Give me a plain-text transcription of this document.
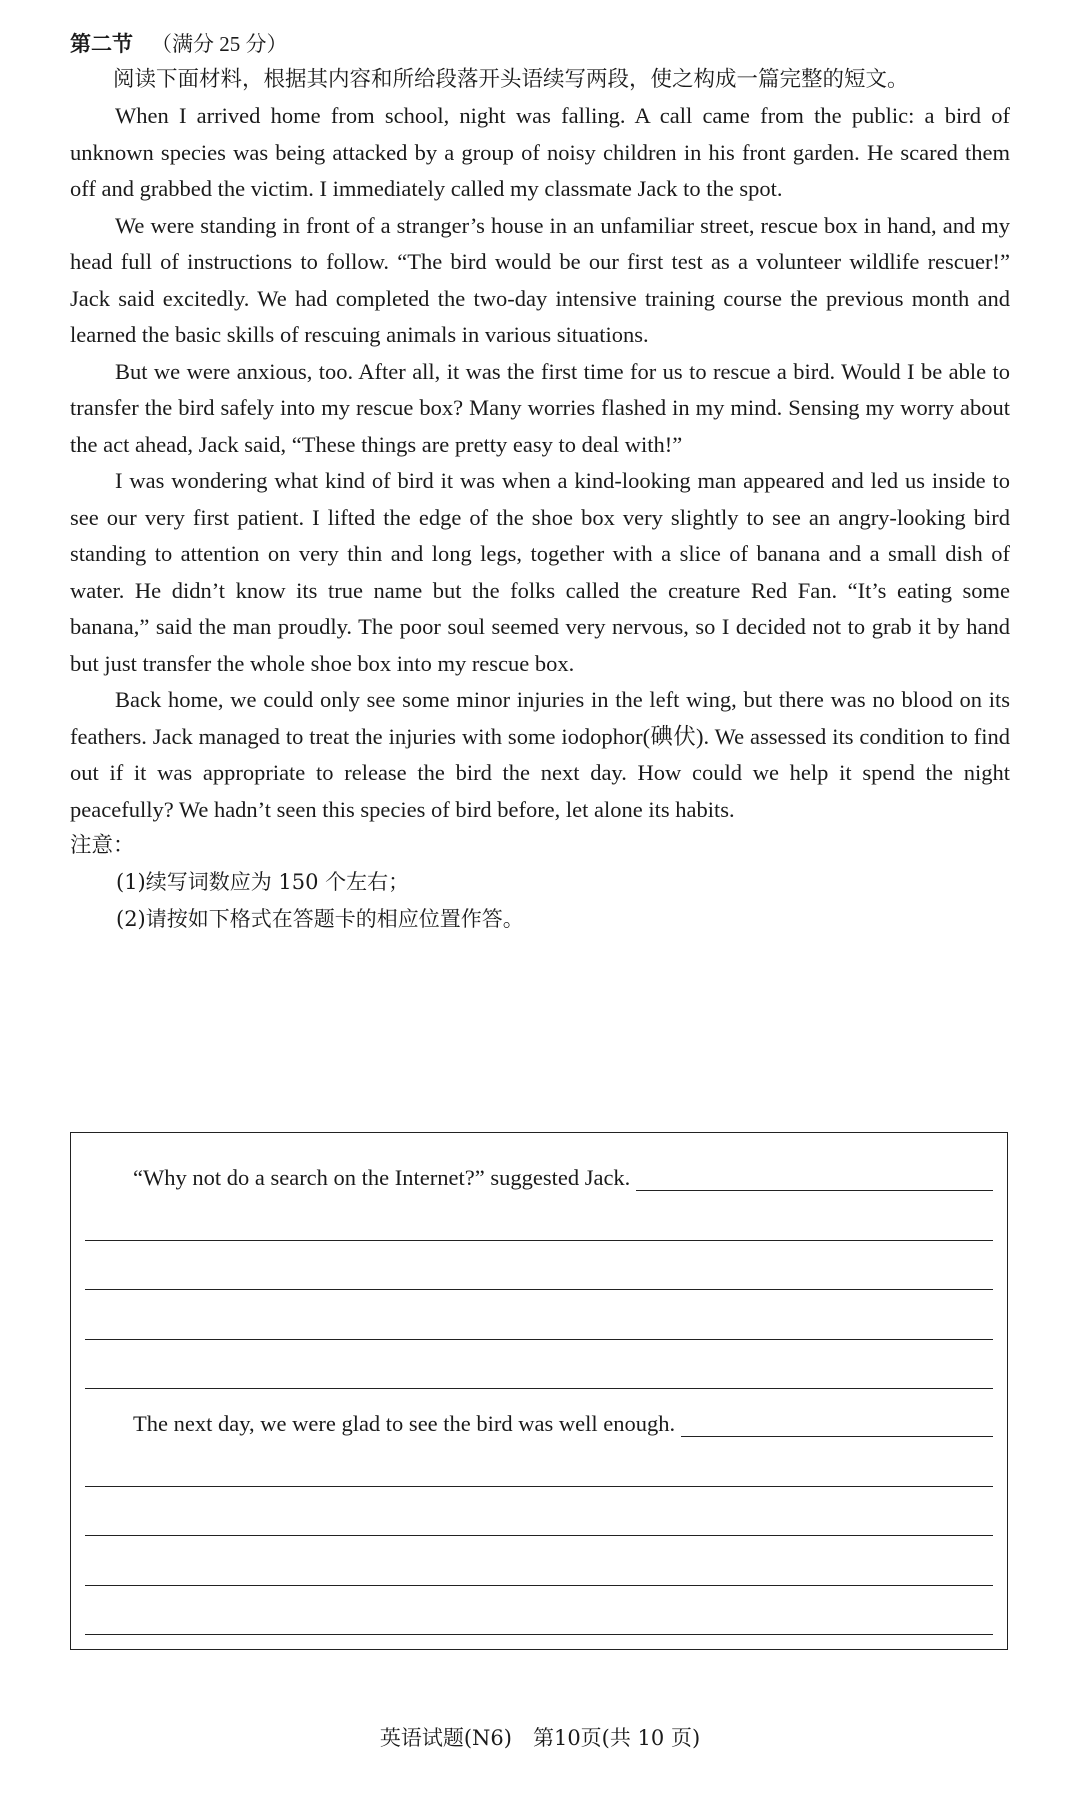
第二节 （满分 25 分）

阅读下面材料，根据其内容和所给段落开头语续写两段，使之构成一篇完整的短文。

When I arrived home from school, night was falling. A call came from the public: a bird of unknown species was being attacked by a group of noisy children in his front garden. He scared them off and grabbed the victim. I immediately called my classmate Jack to the spot.

We were standing in front of a stranger’s house in an unfamiliar street, rescue box in hand, and my head full of instructions to follow. “The bird would be our first test as a volunteer wildlife rescuer!” Jack said excitedly. We had completed the two-day intensive training course the previous month and learned the basic skills of rescuing animals in various situations.

But we were anxious, too. After all, it was the first time for us to rescue a bird. Would I be able to transfer the bird safely into my rescue box? Many worries flashed in my mind. Sensing my worry about the act ahead, Jack said, “These things are pretty easy to deal with!”

I was wondering what kind of bird it was when a kind-looking man appeared and led us inside to see our very first patient. I lifted the edge of the shoe box very slightly to see an angry-looking bird standing to attention on very thin and long legs, together with a slice of banana and a small dish of water. He didn’t know its true name but the folks called the creature Red Fan. “It’s eating some banana,” said the man proudly. The poor soul seemed very nervous, so I decided not to grab it by hand but just transfer the whole shoe box into my rescue box.

Back home, we could only see some minor injuries in the left wing, but there was no blood on its feathers. Jack managed to treat the injuries with some iodophor(碘伏). We assessed its condition to find out if it was appropriate to release the bird the next day. How could we help it spend the night peacefully? We hadn’t seen this species of bird before, let alone its habits.

注意：

(1)续写词数应为 150 个左右；

(2)请按如下格式在答题卡的相应位置作答。

“Why not do a search on the Internet?” suggested Jack.
The next day, we were glad to see the bird was well enough.
英语试题(N6)　第10页(共 10 页)
